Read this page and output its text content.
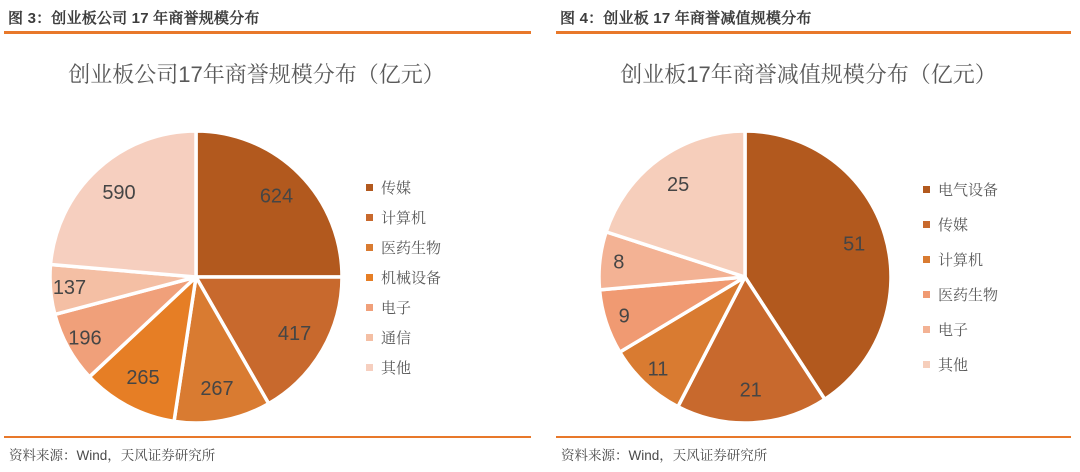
图 3：创业板公司 17 年商誉规模分布
创业板公司17年商誉规模分布（亿元）
624
417
267
265
196
137
590	传媒
计算机
医药生物
机械设备
电子
通信
其他
资料来源：Wind，天风证券研究所
图 4：创业板 17 年商誉减值规模分布
创业板17年商誉减值规模分布（亿元）
51
21
11
9
8
25	电气设备
传媒
计算机
医药生物
电子
其他
资料来源：Wind，天风证券研究所
